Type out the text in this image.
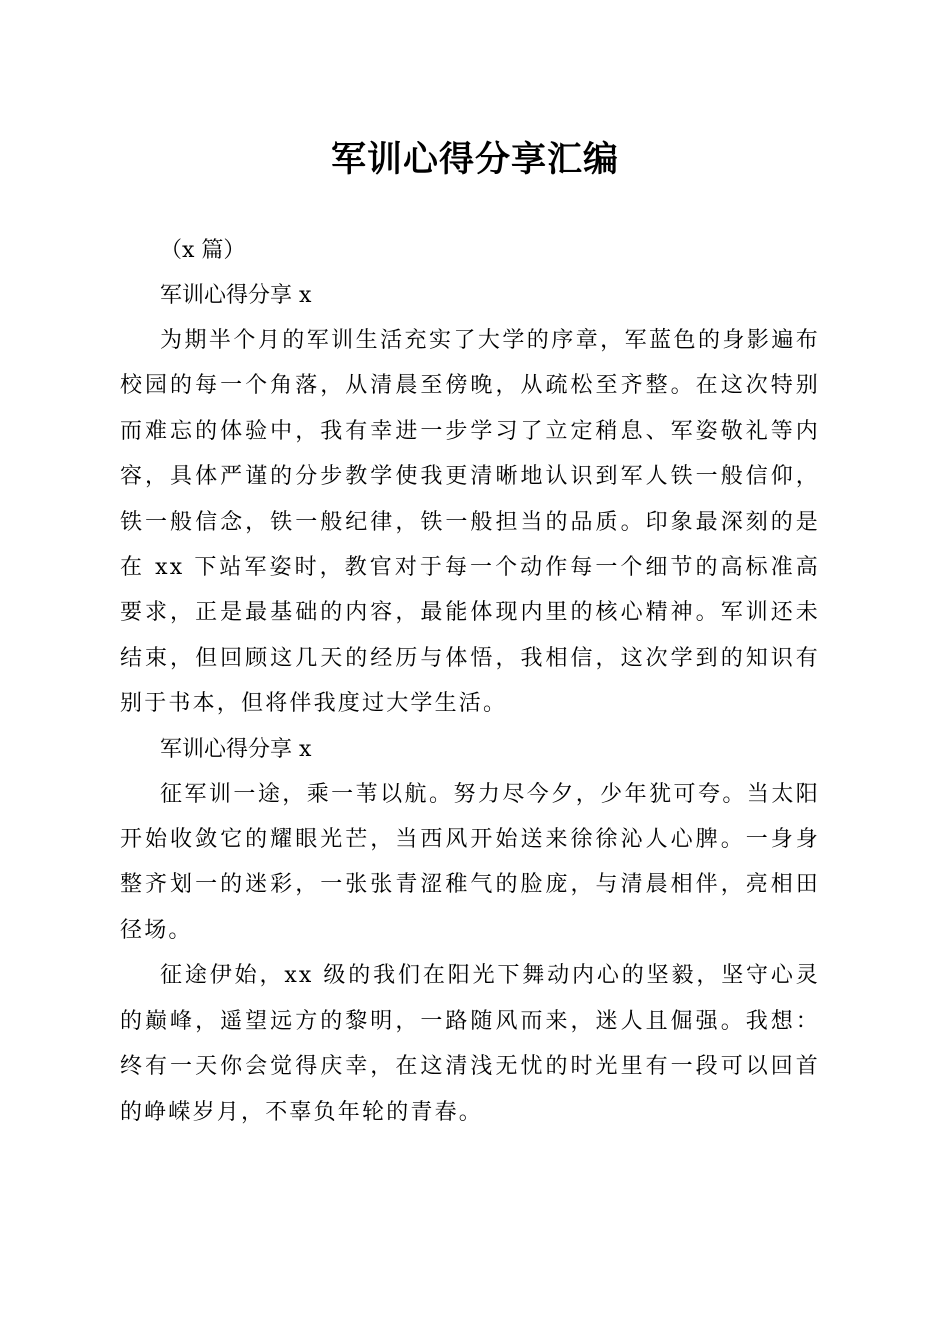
军训心得分享汇编

（x 篇）

军训心得分享 x

为期半个月的军训生活充实了大学的序章，军蓝色的身影遍布校园的每一个角落，从清晨至傍晚，从疏松至齐整。在这次特别而难忘的体验中，我有幸进一步学习了立定稍息、军姿敬礼等内容，具体严谨的分步教学使我更清晰地认识到军人铁一般信仰，铁一般信念，铁一般纪律，铁一般担当的品质。印象最深刻的是在 xx 下站军姿时，教官对于每一个动作每一个细节的高标准高要求，正是最基础的内容，最能体现内里的核心精神。军训还未结束，但回顾这几天的经历与体悟，我相信，这次学到的知识有别于书本，但将伴我度过大学生活。

军训心得分享 x

征军训一途，乘一苇以航。努力尽今夕，少年犹可夸。当太阳开始收敛它的耀眼光芒，当西风开始送来徐徐沁人心脾。一身身整齐划一的迷彩，一张张青涩稚气的脸庞，与清晨相伴，亮相田径场。

征途伊始，xx 级的我们在阳光下舞动内心的坚毅，坚守心灵的巅峰，遥望远方的黎明，一路随风而来，迷人且倔强。我想：终有一天你会觉得庆幸，在这清浅无忧的时光里有一段可以回首的峥嵘岁月，不辜负年轮的青春。
